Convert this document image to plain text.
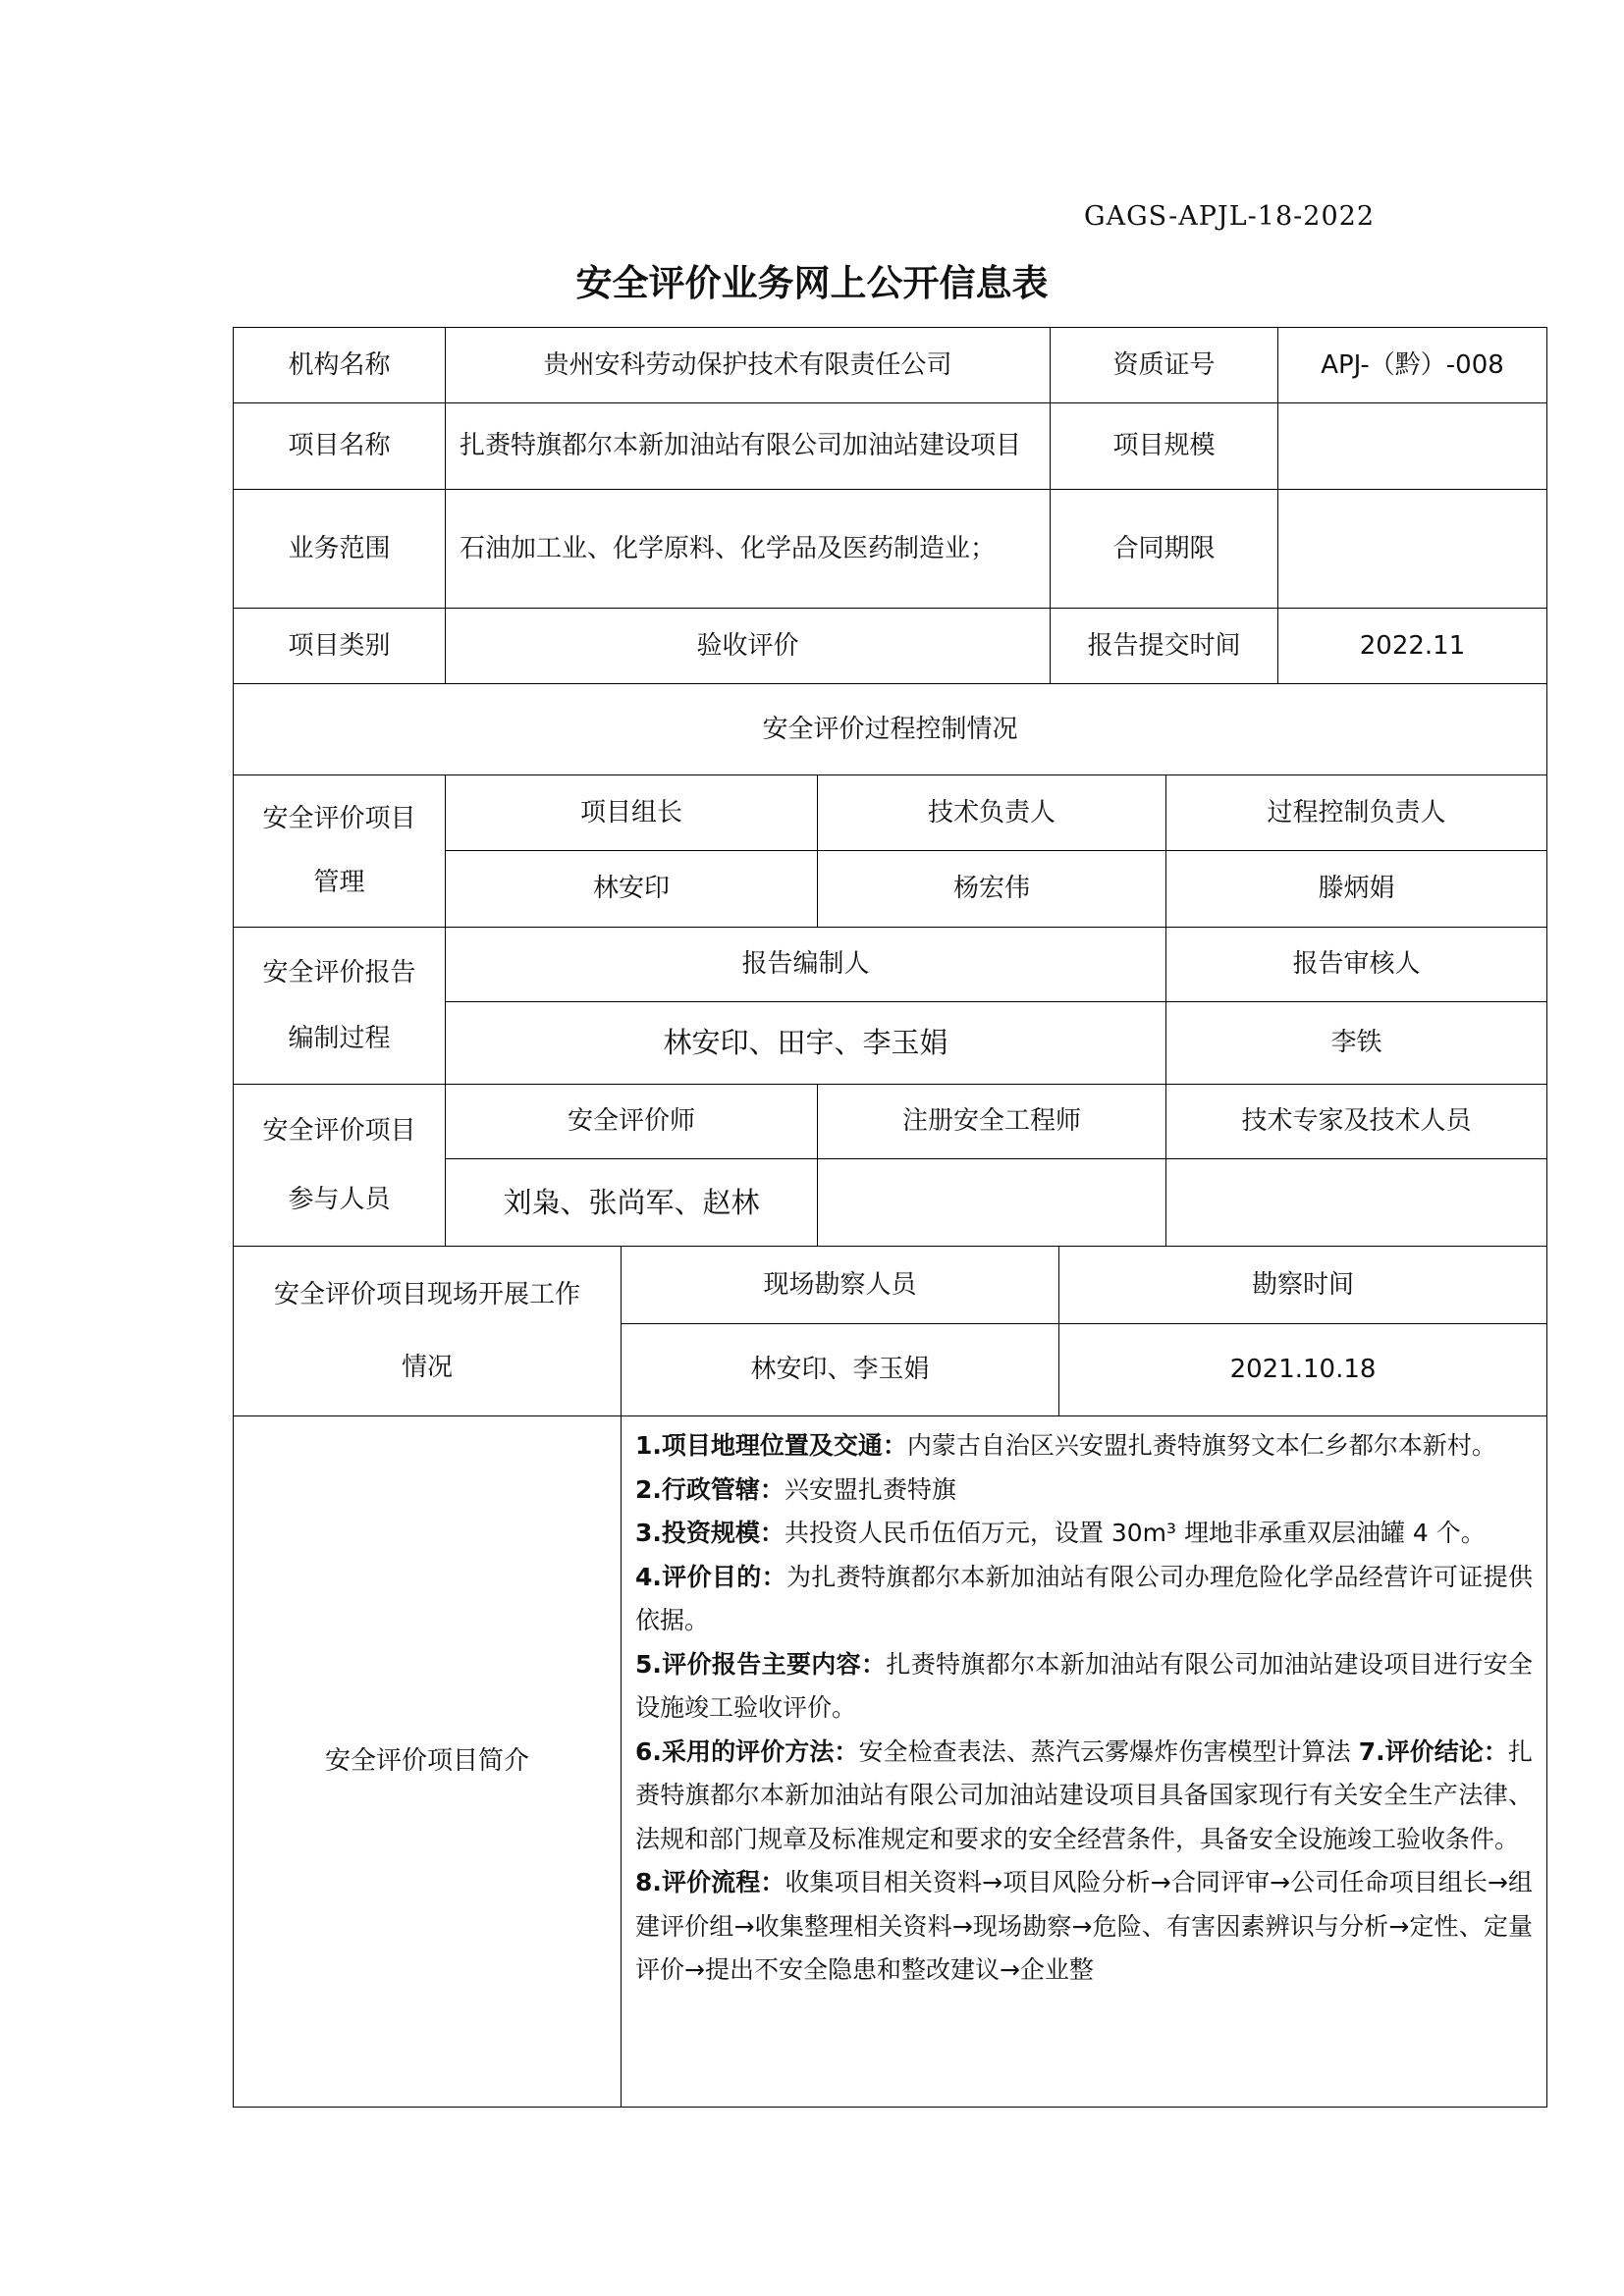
GAGS-APJL-18-2022
安全评价业务网上公开信息表
机构名称	贵州安科劳动保护技术有限责任公司	资质证号	APJ-（黔）-008
项目名称	扎赉特旗都尔本新加油站有限公司加油站建设项目	项目规模
业务范围	石油加工业、化学原料、化学品及医药制造业；	合同期限
项目类别	验收评价	报告提交时间	2022.11
安全评价过程控制情况
安全评价项目
管理
项目组长	技术负责人	过程控制负责人
林安印	杨宏伟	滕炳娟
安全评价报告
编制过程
报告编制人	报告审核人
林安印、田宇、李玉娟	李铁
安全评价项目
参与人员
安全评价师	注册安全工程师	技术专家及技术人员
刘枭、张尚军、赵林
安全评价项目现场开展工作
情况
现场勘察人员	勘察时间
林安印、李玉娟	2021.10.18
安全评价项目简介
1.项目地理位置及交通：内蒙古自治区兴安盟扎赉特旗努文本仁乡都尔本新村。
2.行政管辖：兴安盟扎赉特旗
3.投资规模：共投资人民币伍佰万元，设置 30m³ 埋地非承重双层油罐 4 个。
4.评价目的：为扎赉特旗都尔本新加油站有限公司办理危险化学品经营许可证提供依据。
5.评价报告主要内容：扎赉特旗都尔本新加油站有限公司加油站建设项目进行安全设施竣工验收评价。
6.采用的评价方法：安全检查表法、蒸汽云雾爆炸伤害模型计算法 7.评价结论：扎赉特旗都尔本新加油站有限公司加油站建设项目具备国家现行有关安全生产法律、法规和部门规章及标准规定和要求的安全经营条件，具备安全设施竣工验收条件。
8.评价流程：收集项目相关资料→项目风险分析→合同评审→公司任命项目组长→组建评价组→收集整理相关资料→现场勘察→危险、有害因素辨识与分析→定性、定量评价→提出不安全隐患和整改建议→企业整
